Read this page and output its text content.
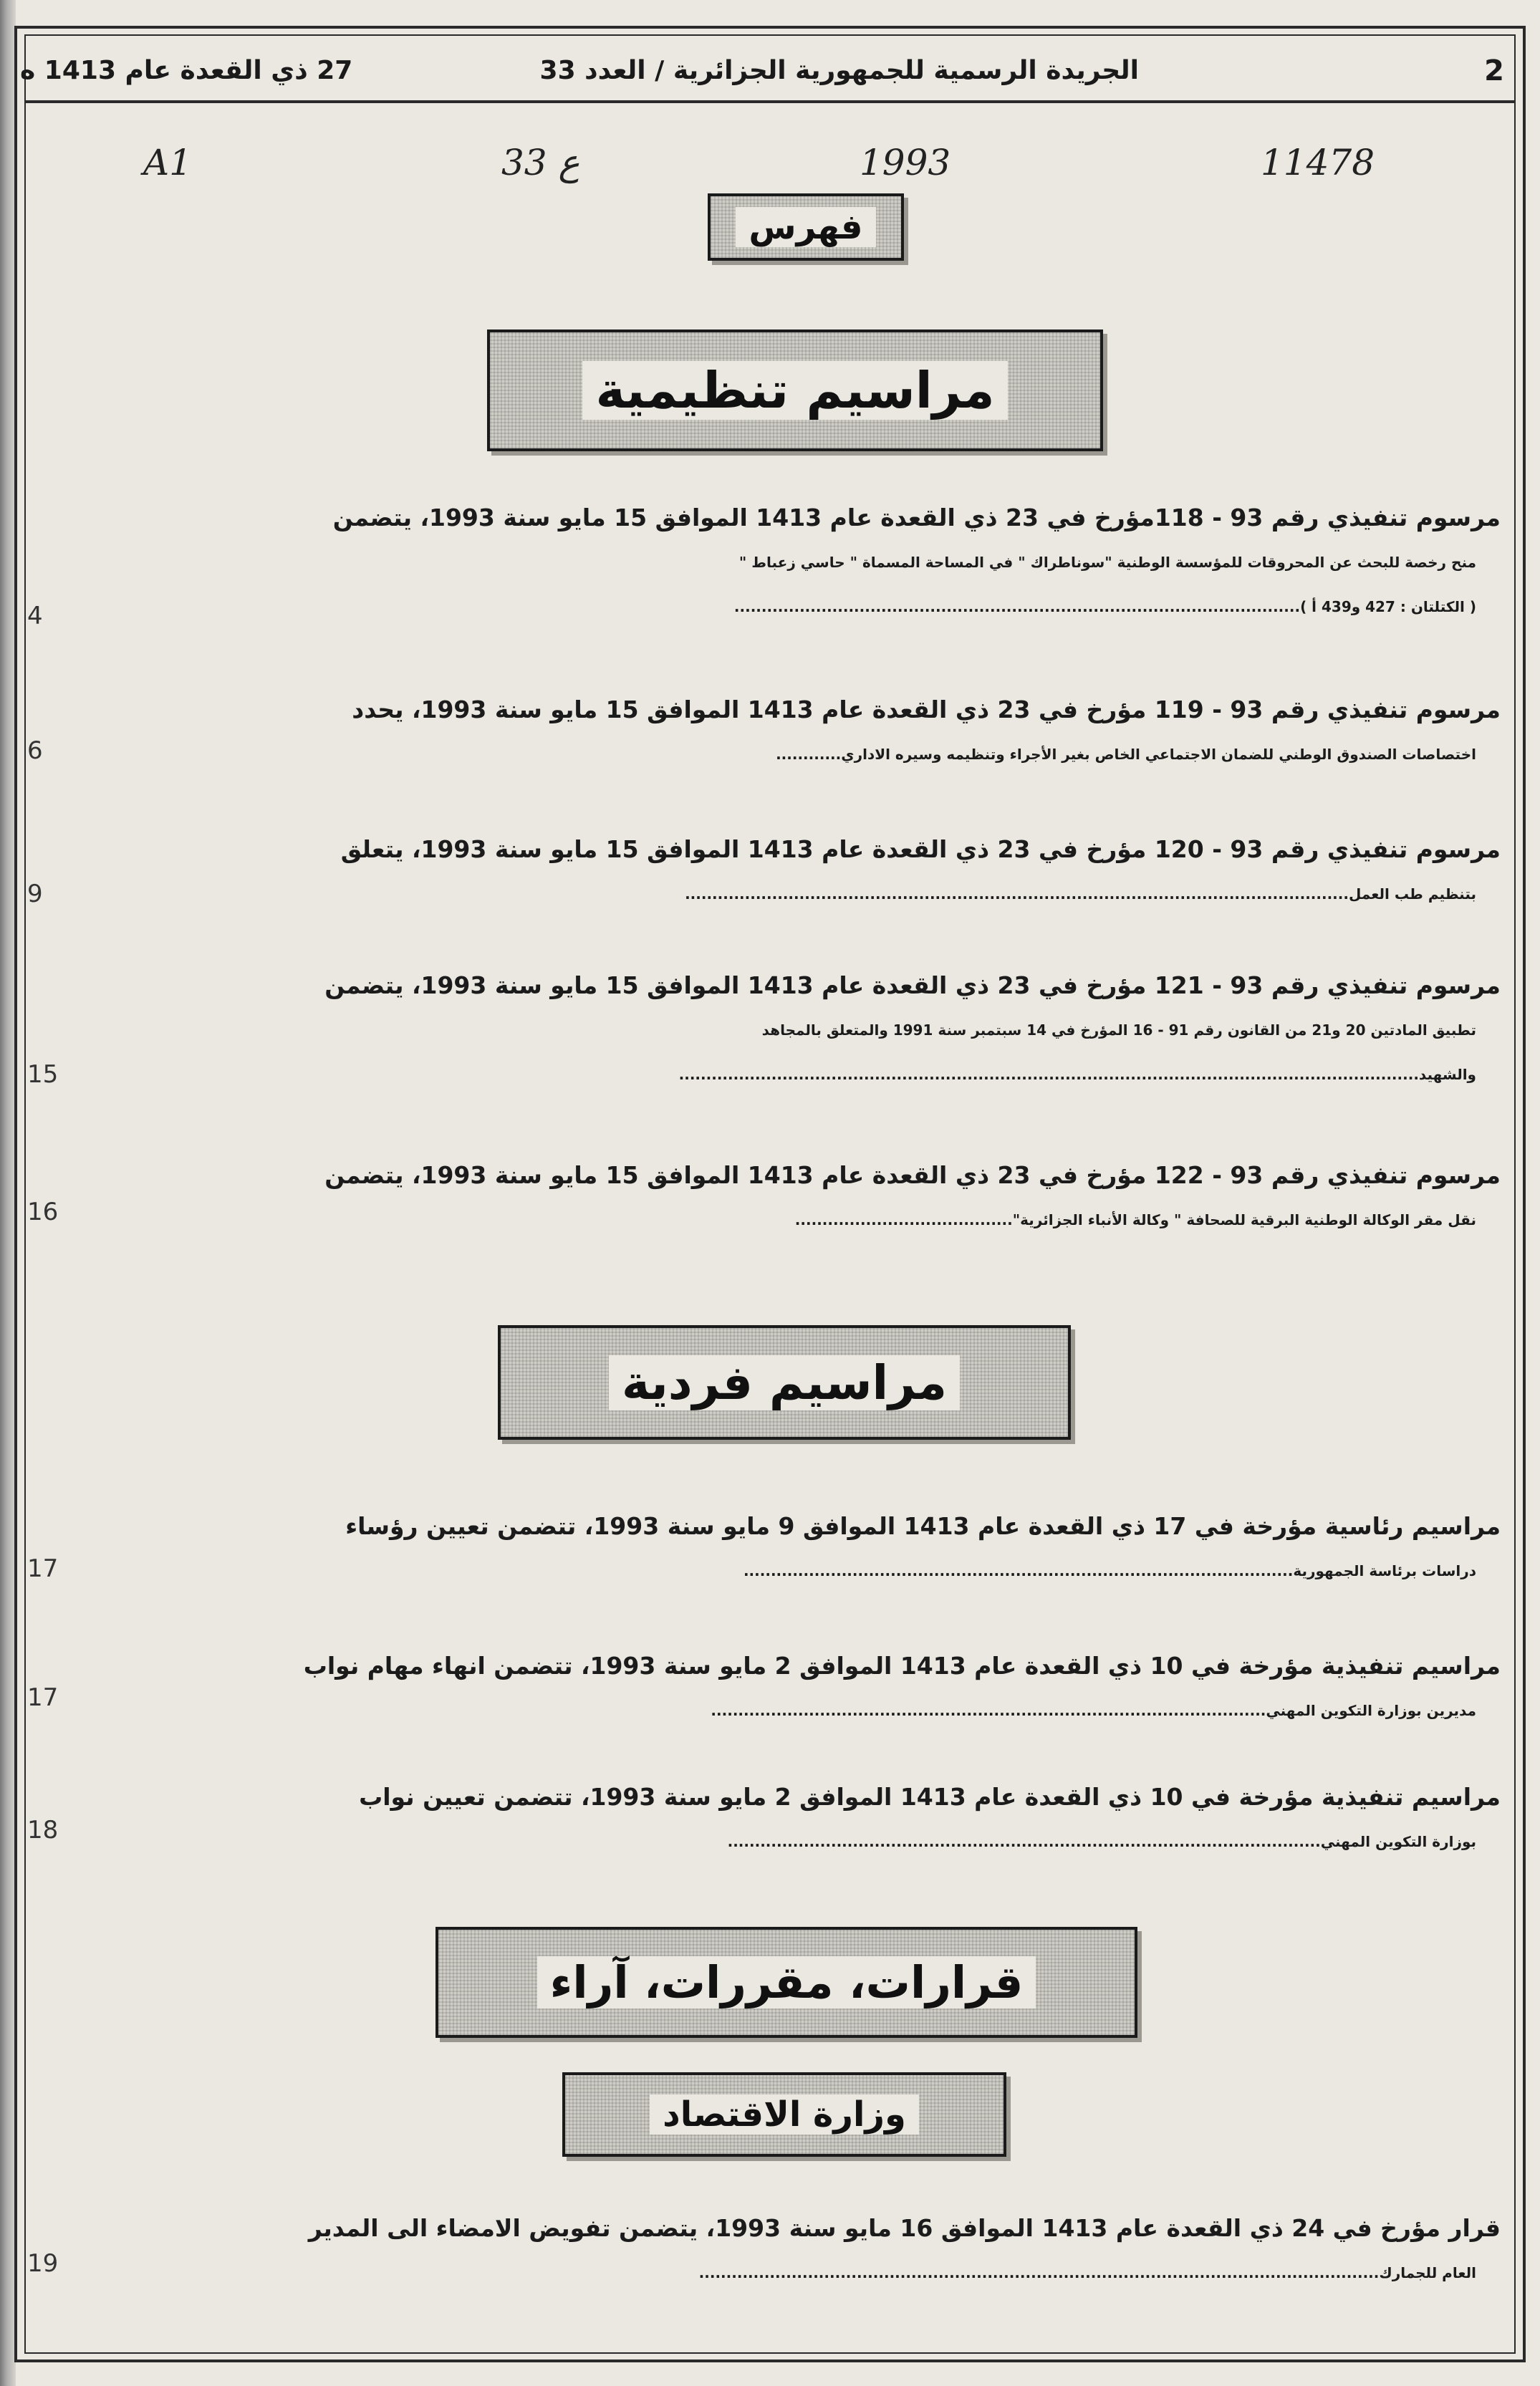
2
الجريدة الرسمية للجمهورية الجزائرية / العدد 33
27 ذي القعدة عام 1413 ه
A1	33 ع	1993	11478
فهرس
مراسيم تنظيمية
مرسوم تنفيذي رقم 93 - 118مؤرخ في 23 ذي القعدة عام 1413 الموافق 15 مايو سنة 1993، يتضمن
منح رخصة للبحث عن المحروقات للمؤسسة الوطنية "سوناطراك " في المساحة المسماة " حاسي زعباط "
( الكتلتان : 427 و439 أ )........................................................................................................
4
مرسوم تنفيذي رقم 93 - 119 مؤرخ في 23 ذي القعدة عام 1413 الموافق 15 مايو سنة 1993، يحدد
اختصاصات الصندوق الوطني للضمان الاجتماعي الخاص بغير الأجراء وتنظيمه وسيره الاداري............
6
مرسوم تنفيذي رقم 93 - 120 مؤرخ في 23 ذي القعدة عام 1413 الموافق 15 مايو سنة 1993، يتعلق
بتنظيم طب العمل..........................................................................................................................
9
مرسوم تنفيذي رقم 93 - 121 مؤرخ في 23 ذي القعدة عام 1413 الموافق 15 مايو سنة 1993، يتضمن
تطبيق المادتين 20 و21 من القانون رقم 91 - 16 المؤرخ في 14 سبتمبر سنة 1991 والمتعلق بالمجاهد
والشهيد........................................................................................................................................
15
مرسوم تنفيذي رقم 93 - 122 مؤرخ في 23 ذي القعدة عام 1413 الموافق 15 مايو سنة 1993، يتضمن
نقل مقر الوكالة الوطنية البرقية للصحافة " وكالة الأنباء الجزائرية"........................................
16
مراسيم فردية
مراسيم رئاسية مؤرخة في 17 ذي القعدة عام 1413 الموافق 9 مايو سنة 1993، تتضمن تعيين رؤساء
دراسات برئاسة الجمهورية.....................................................................................................
17
مراسيم تنفيذية مؤرخة في 10 ذي القعدة عام 1413 الموافق 2 مايو سنة 1993، تتضمن انهاء مهام نواب
مديرين بوزارة التكوين المهني......................................................................................................
17
مراسيم تنفيذية مؤرخة في 10 ذي القعدة عام 1413 الموافق 2 مايو سنة 1993، تتضمن تعيين نواب
بوزارة التكوين المهني.............................................................................................................
18
قرارات، مقررات، آراء
وزارة الاقتصاد
قرار مؤرخ في 24 ذي القعدة عام 1413 الموافق 16 مايو سنة 1993، يتضمن تفويض الامضاء الى المدير
العام للجمارك.............................................................................................................................
19
